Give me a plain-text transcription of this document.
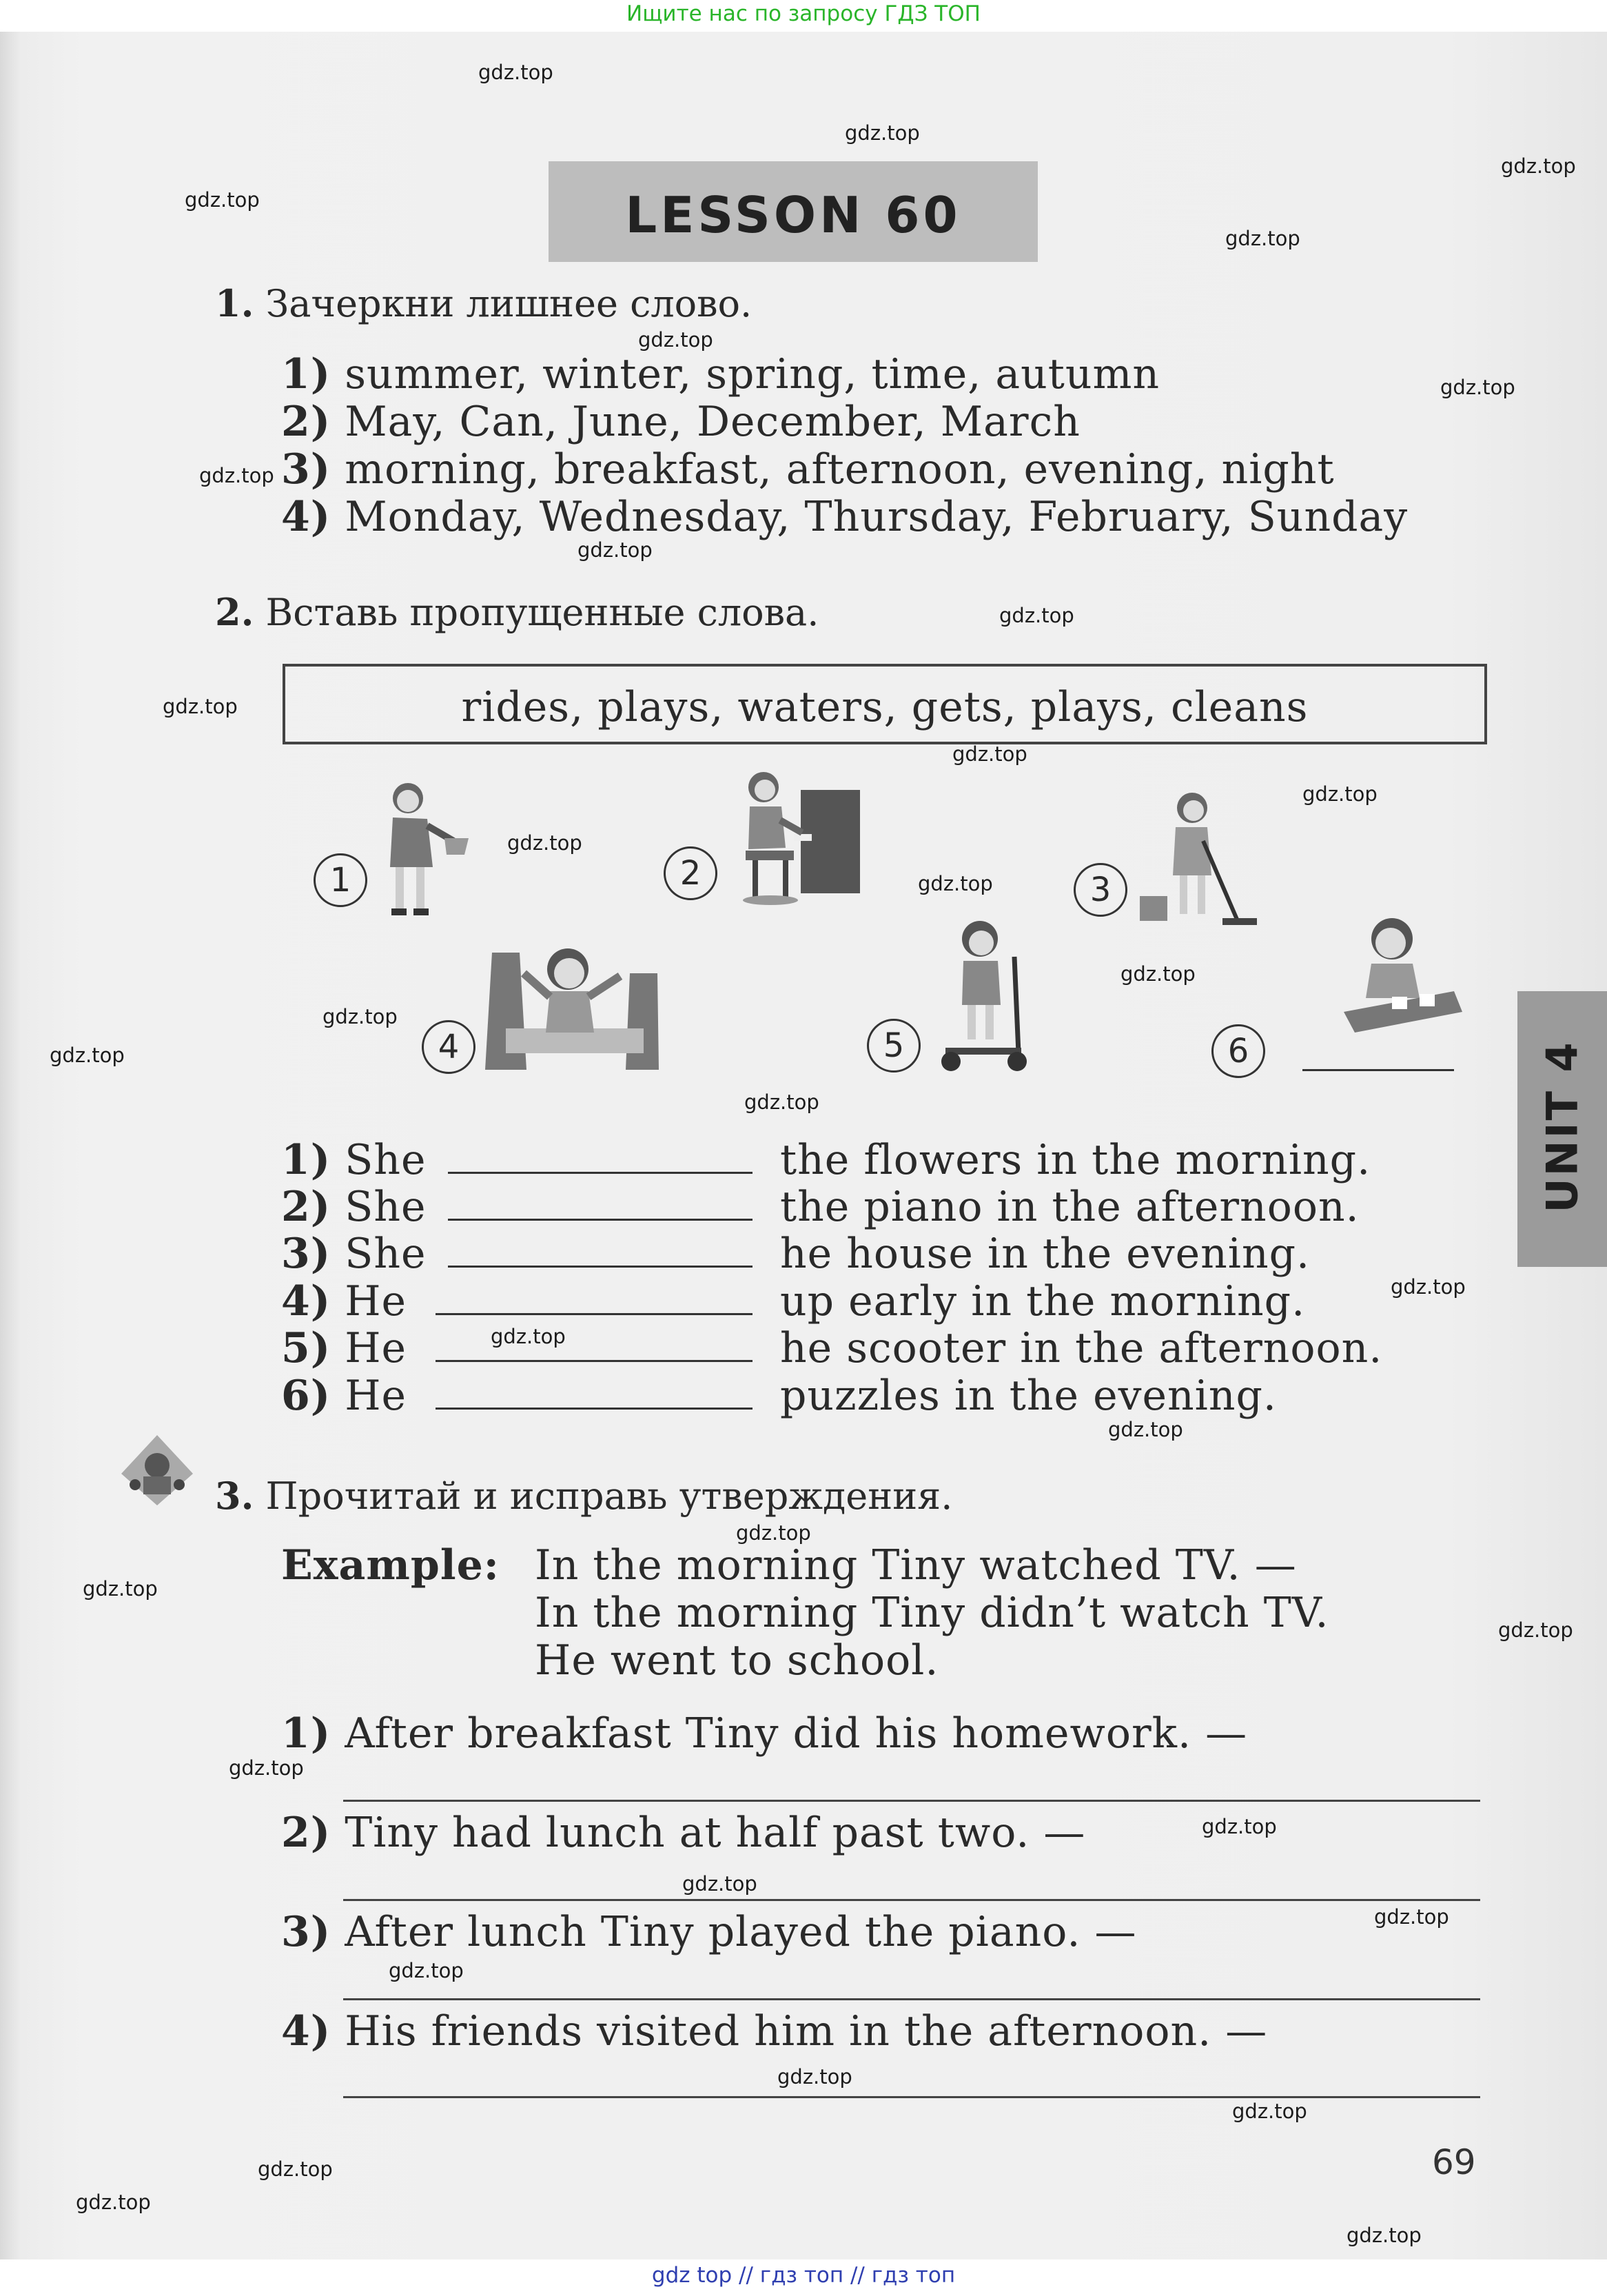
Ищите нас по запросу ГДЗ ТОП
gdz.top
gdz.top
gdz.top
gdz.top
gdz.top
gdz.top
gdz.top
gdz.top
gdz.top
gdz.top
gdz.top
gdz.top
gdz.top
gdz.top
gdz.top
gdz.top
gdz.top
gdz.top
gdz.top
gdz.top
gdz.top
gdz.top
gdz.top
gdz.top
gdz.top
gdz.top
gdz.top
gdz.top
gdz.top
gdz.top
gdz.top
gdz.top
gdz.top
gdz.top
gdz.top
LESSON 60
1. Зачеркни лишнее слово.
1) summer, winter, spring, time, autumn
2) May, Can, June, December, March
3) morning, breakfast, afternoon, evening, night
4) Monday, Wednesday, Thursday, February, Sunday
2. Вставь пропущенные слова.
rides, plays, waters, gets, plays, cleans
1	2	3
4	5	6
1) She	the flowers in the morning.
2) She	the piano in the afternoon.
3) She	he house in the evening.
4) He	up early in the morning.
5) He	he scooter in the afternoon.
6) He	puzzles in the evening.
3. Прочитай и исправь утверждения.
Example: In the morning Tiny watched TV. —
In the morning Tiny didn’t watch TV.
He went to school.
1) After breakfast Tiny did his homework. —
2) Tiny had lunch at half past two. —
3) After lunch Tiny played the piano. —
4) His friends visited him in the afternoon. —
UNIT 4
69
gdz top // гдз топ // гдз топ
